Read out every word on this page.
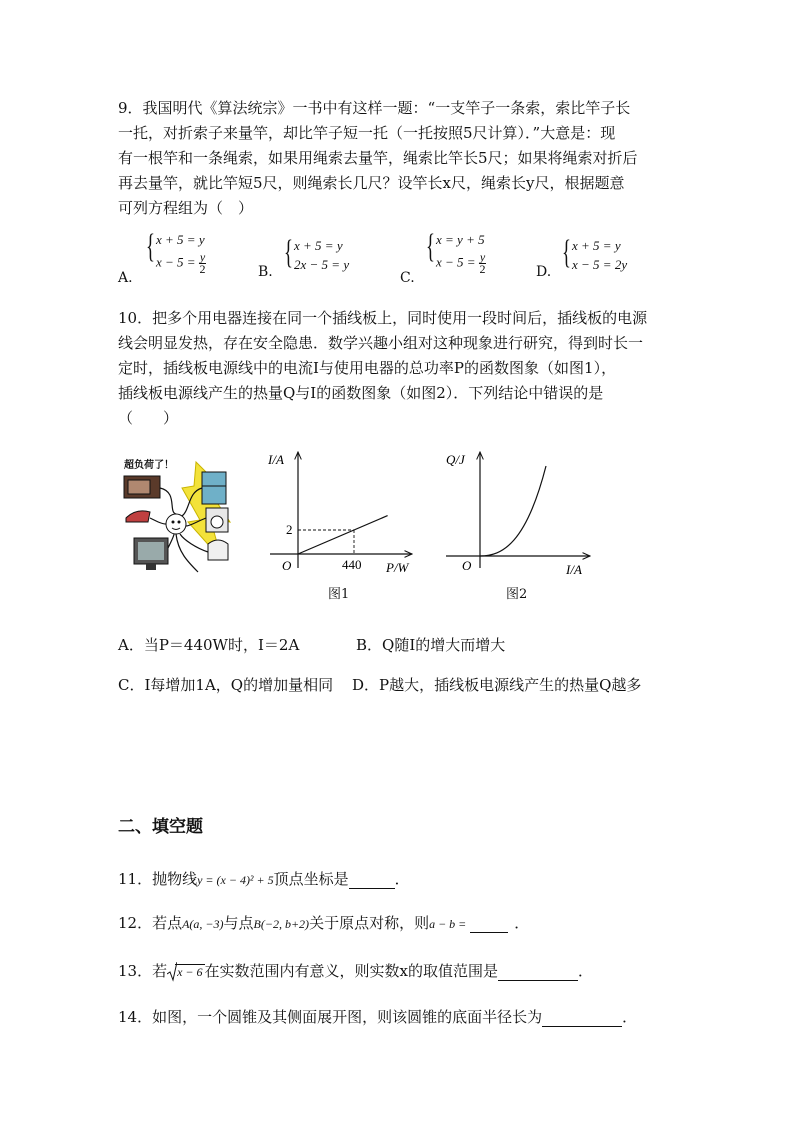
9．我国明代《算法统宗》一书中有这样一题：“一支竿子一条索，索比竿子长
一托，对折索子来量竿，却比竿子短一托（一托按照5尺计算）．”大意是：现
有一根竿和一条绳索，如果用绳索去量竿，绳索比竿长5尺；如果将绳索对折后
再去量竿，就比竿短5尺，则绳索长几尺？设竿长x尺，绳索长y尺，根据题意
可列方程组为（　）
A.
{ x + 5 = y
$x - 5 = \frac{y}{2}$	B.
{ x + 5 = y
2x − 5 = y
C.
{ x = y + 5
$x - 5 = \frac{y}{2}$	D.
{ x + 5 = y
x − 5 = 2y
10．把多个用电器连接在同一个插线板上，同时使用一段时间后，插线板的电源
线会明显发热，存在安全隐患．数学兴趣小组对这种现象进行研究，得到时长一
定时，插线板电源线中的电流I与使用电器的总功率P的函数图象（如图1），
插线板电源线产生的热量Q与I的函数图象（如图2）．下列结论中错误的是
（　　）
超负荷了！	I/A
P/W
O
2
440
图1
Q/J
I/A
O
图2
A．当P＝440W时，I＝2A	B．Q随I的增大而增大
C．I每增加1A，Q的增加量相同 D．P越大，插线板电源线产生的热量Q越多
二、填空题
11．抛物线y = (x − 4)² + 5顶点坐标是	．
12．若点A(a, −3)与点B(−2, b+2)关于原点对称，则a − b =	．
13．若 x − 6 在实数范围内有意义，则实数x的取值范围是	．
14．如图，一个圆锥及其侧面展开图，则该圆锥的底面半径长为	．
